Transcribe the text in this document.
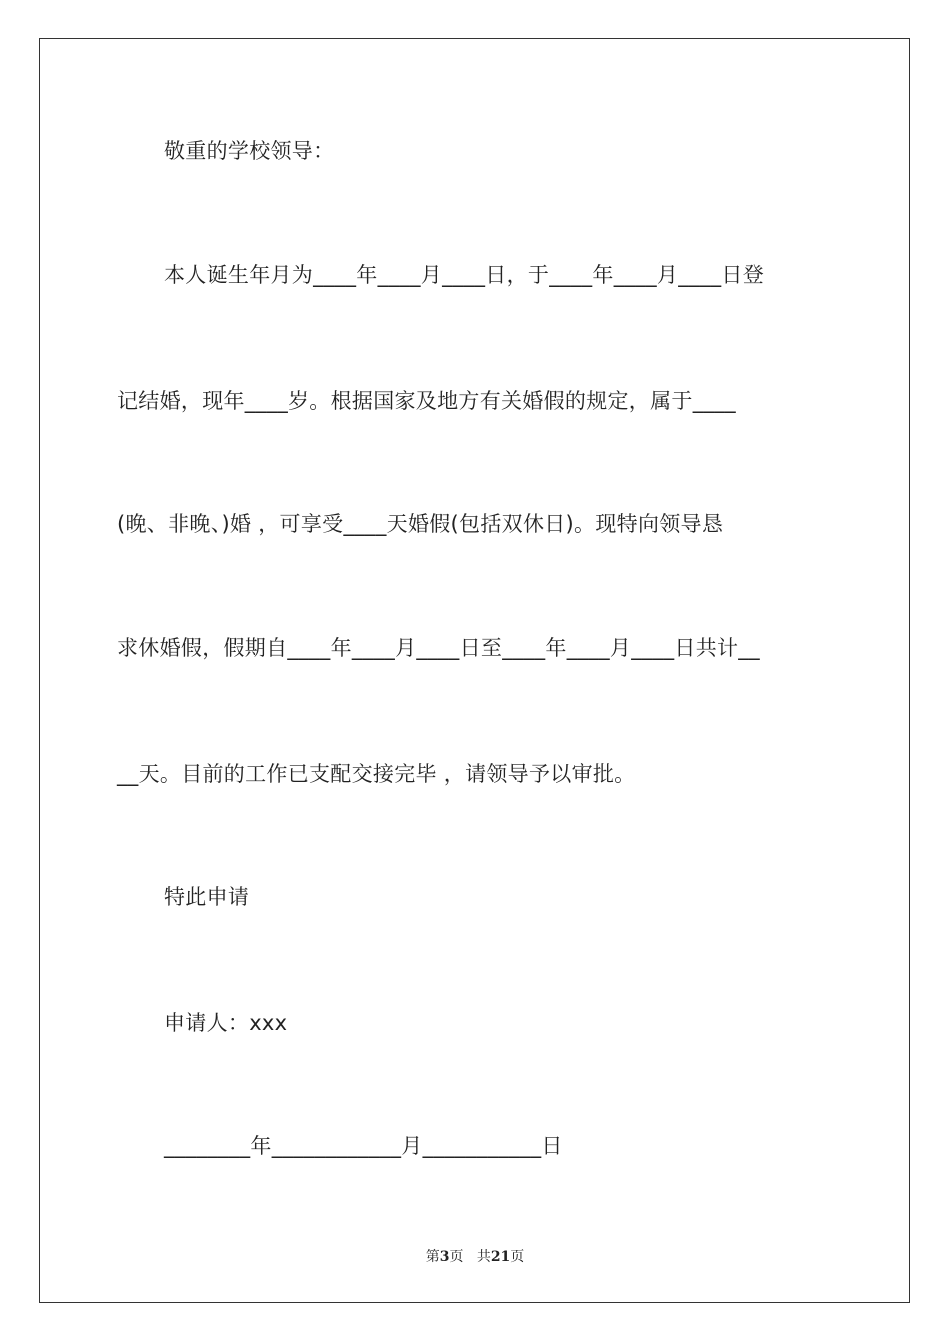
敬重的学校领导：
本人诞生年月为____年____月____日，于____年____月____日登
记结婚，现年____岁。根据国家及地方有关婚假的规定，属于____
(晚、非晚、)婚 ，可享受____天婚假(包括双休日)。现特向领导恳
求休婚假，假期自____年____月____日至____年____月____日共计__
__天。目前的工作已支配交接完毕 ，请领导予以审批。
特此申请
申请人：xxx
________年____________月___________日
第3页 共21页
